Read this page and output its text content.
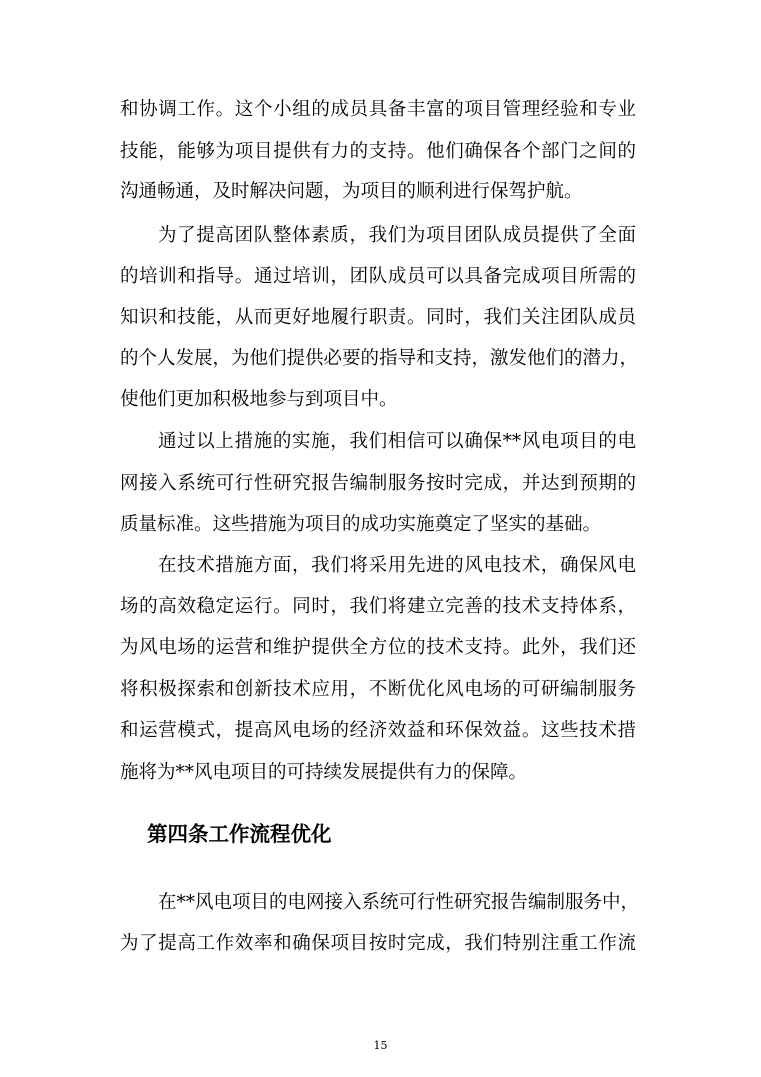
和协调工作。这个小组的成员具备丰富的项目管理经验和专业
技能，能够为项目提供有力的支持。他们确保各个部门之间的
沟通畅通，及时解决问题，为项目的顺利进行保驾护航。
为了提高团队整体素质，我们为项目团队成员提供了全面
的培训和指导。通过培训，团队成员可以具备完成项目所需的
知识和技能，从而更好地履行职责。同时，我们关注团队成员
的个人发展，为他们提供必要的指导和支持，激发他们的潜力，
使他们更加积极地参与到项目中。
通过以上措施的实施，我们相信可以确保**风电项目的电
网接入系统可行性研究报告编制服务按时完成，并达到预期的
质量标准。这些措施为项目的成功实施奠定了坚实的基础。
在技术措施方面，我们将采用先进的风电技术，确保风电
场的高效稳定运行。同时，我们将建立完善的技术支持体系，
为风电场的运营和维护提供全方位的技术支持。此外，我们还
将积极探索和创新技术应用，不断优化风电场的可研编制服务
和运营模式，提高风电场的经济效益和环保效益。这些技术措
施将为**风电项目的可持续发展提供有力的保障。
第四条工作流程优化
在**风电项目的电网接入系统可行性研究报告编制服务中，
为了提高工作效率和确保项目按时完成，我们特别注重工作流
15
